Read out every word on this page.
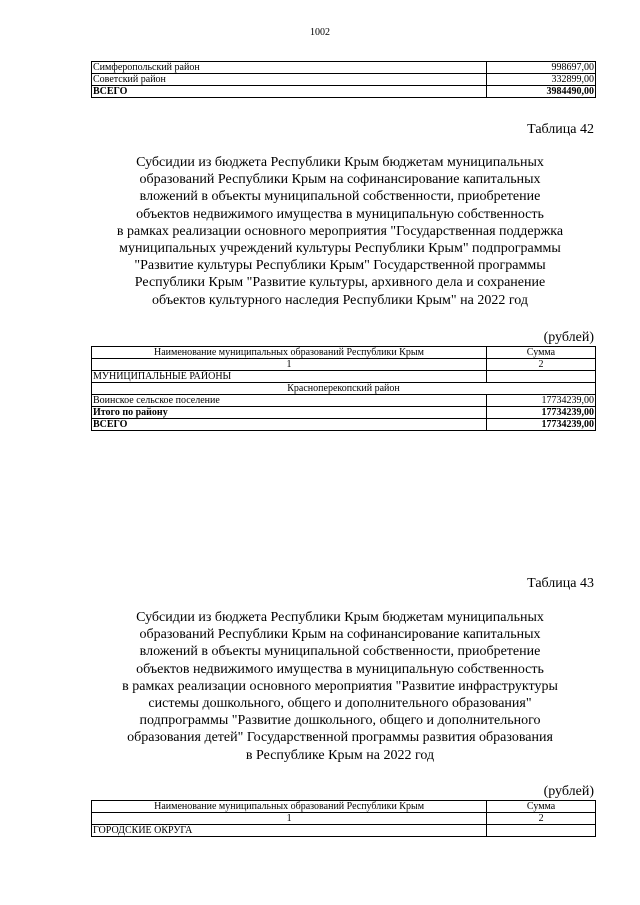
1002
Симферопольский район	998697,00
Советский район	332899,00
ВСЕГО	3984490,00
Таблица 42
Субсидии из бюджета Республики Крым бюджетам муниципальных
образований Республики Крым на софинансирование капитальных
вложений в объекты муниципальной собственности, приобретение
объектов недвижимого имущества в муниципальную собственность
в рамках реализации основного мероприятия "Государственная поддержка
муниципальных учреждений культуры Республики Крым" подпрограммы
"Развитие культуры Республики Крым" Государственной программы
Республики Крым "Развитие культуры, архивного дела и сохранение
объектов культурного наследия Республики Крым" на 2022 год
(рублей)
Наименование муниципальных образований Республики Крым	Сумма
1	2
МУНИЦИПАЛЬНЫЕ РАЙОНЫ	
Красноперекопский район	
Воинское сельское поселение	17734239,00
Итого по району	17734239,00
ВСЕГО	17734239,00
Таблица 43
Субсидии из бюджета Республики Крым бюджетам муниципальных
образований Республики Крым на софинансирование капитальных
вложений в объекты муниципальной собственности, приобретение
объектов недвижимого имущества в муниципальную собственность
в рамках реализации основного мероприятия "Развитие инфраструктуры
системы дошкольного, общего и дополнительного образования"
подпрограммы "Развитие дошкольного, общего и дополнительного
образования детей" Государственной программы развития образования
в Республике Крым на 2022 год
(рублей)
Наименование муниципальных образований Республики Крым	Сумма
1	2
ГОРОДСКИЕ ОКРУГА	
